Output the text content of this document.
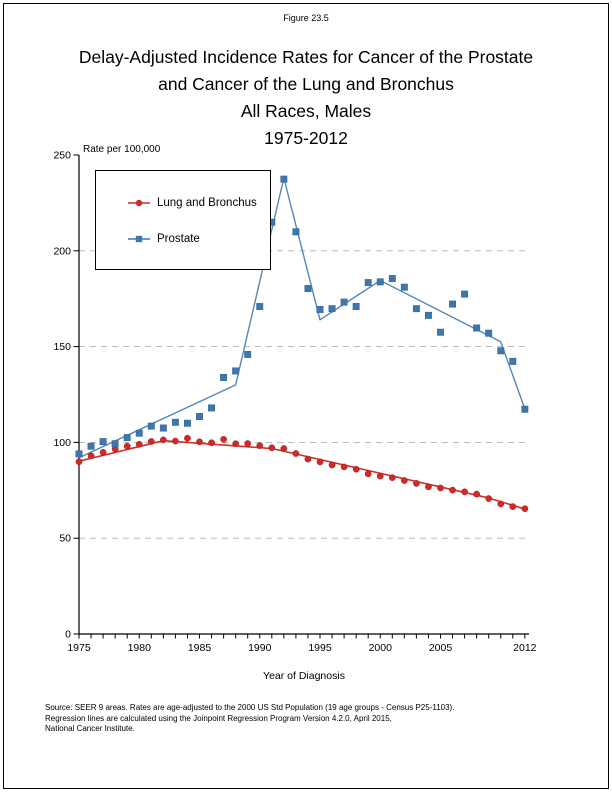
Figure 23.5
Delay-Adjusted Incidence Rates for Cancer of the Prostate
and Cancer of the Lung and Bronchus
All Races, Males
1975-2012
Rate per 100,000
0
50
100
150
200
250
1975	1980	1985	1990	1995	2000	2005	2012
Lung and Bronchus
Prostate
Year of Diagnosis
Source: SEER 9 areas. Rates are age-adjusted to the 2000 US Std Population (19 age groups - Census P25-1103).
Regression lines are calculated using the Joinpoint Regression Program Version 4.2.0, April 2015,
National Cancer Institute.
